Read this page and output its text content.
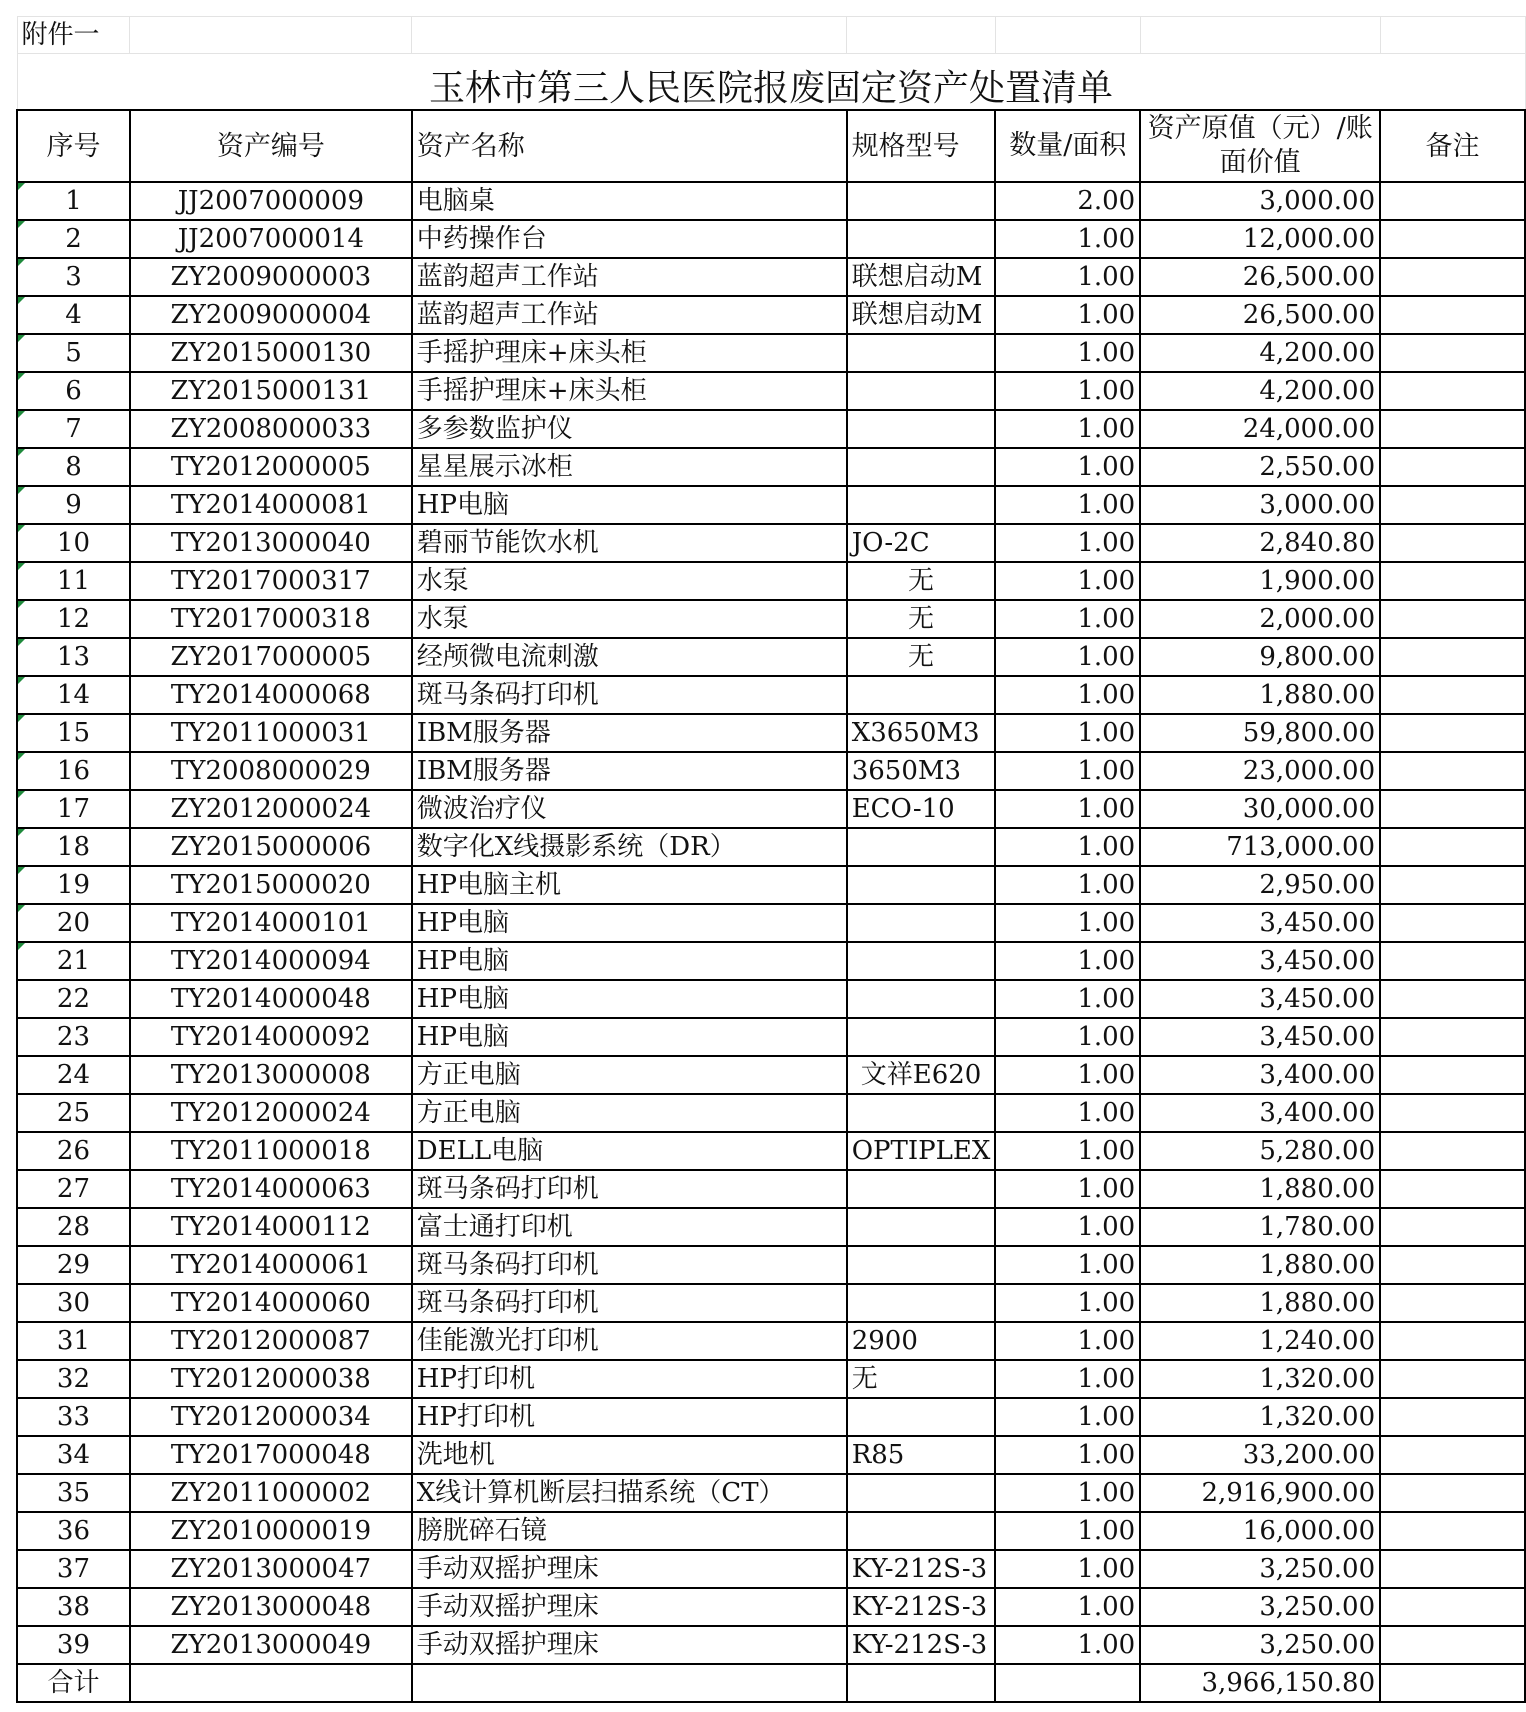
附件一						
玉林市第三人民医院报废固定资产处置清单						
序号	资产编号	资产名称	规格型号	数量/面积	资产原值（元）/账面价值	备注

1	JJ2007000009	电脑桌		2.00	3,000.00	

2	JJ2007000014	中药操作台		1.00	12,000.00	

3	ZY2009000003	蓝韵超声工作站	联想启动M	1.00	26,500.00	

4	ZY2009000004	蓝韵超声工作站	联想启动M	1.00	26,500.00	

5	ZY2015000130	手摇护理床+床头柜		1.00	4,200.00	

6	ZY2015000131	手摇护理床+床头柜		1.00	4,200.00	

7	ZY2008000033	多参数监护仪		1.00	24,000.00	

8	TY2012000005	星星展示冰柜		1.00	2,550.00	

9	TY2014000081	HP电脑		1.00	3,000.00	

10	TY2013000040	碧丽节能饮水机	JO-2C	1.00	2,840.80	

11	TY2017000317	水泵	无	1.00	1,900.00	

12	TY2017000318	水泵	无	1.00	2,000.00	

13	ZY2017000005	经颅微电流刺激	无	1.00	9,800.00	

14	TY2014000068	斑马条码打印机		1.00	1,880.00	

15	TY2011000031	IBM服务器	X3650M3	1.00	59,800.00	

16	TY2008000029	IBM服务器	3650M3	1.00	23,000.00	

17	ZY2012000024	微波治疗仪	ECO-10	1.00	30,000.00	

18	ZY2015000006	数字化X线摄影系统（DR）		1.00	713,000.00	

19	TY2015000020	HP电脑主机		1.00	2,950.00	

20	TY2014000101	HP电脑		1.00	3,450.00	

21	TY2014000094	HP电脑		1.00	3,450.00	
22	TY2014000048	HP电脑		1.00	3,450.00	
23	TY2014000092	HP电脑		1.00	3,450.00	
24	TY2013000008	方正电脑	文祥E620	1.00	3,400.00	
25	TY2012000024	方正电脑		1.00	3,400.00	
26	TY2011000018	DELL电脑	OPTIPLEX	1.00	5,280.00	
27	TY2014000063	斑马条码打印机		1.00	1,880.00	
28	TY2014000112	富士通打印机		1.00	1,780.00	
29	TY2014000061	斑马条码打印机		1.00	1,880.00	
30	TY2014000060	斑马条码打印机		1.00	1,880.00	
31	TY2012000087	佳能激光打印机	2900	1.00	1,240.00	
32	TY2012000038	HP打印机	无	1.00	1,320.00	
33	TY2012000034	HP打印机		1.00	1,320.00	
34	TY2017000048	洗地机	R85	1.00	33,200.00	
35	ZY2011000002	X线计算机断层扫描系统（CT）		1.00	2,916,900.00	
36	ZY2010000019	膀胱碎石镜		1.00	16,000.00	
37	ZY2013000047	手动双摇护理床	KY-212S-3	1.00	3,250.00	
38	ZY2013000048	手动双摇护理床	KY-212S-3	1.00	3,250.00	
39	ZY2013000049	手动双摇护理床	KY-212S-3	1.00	3,250.00	
合计					3,966,150.80	
